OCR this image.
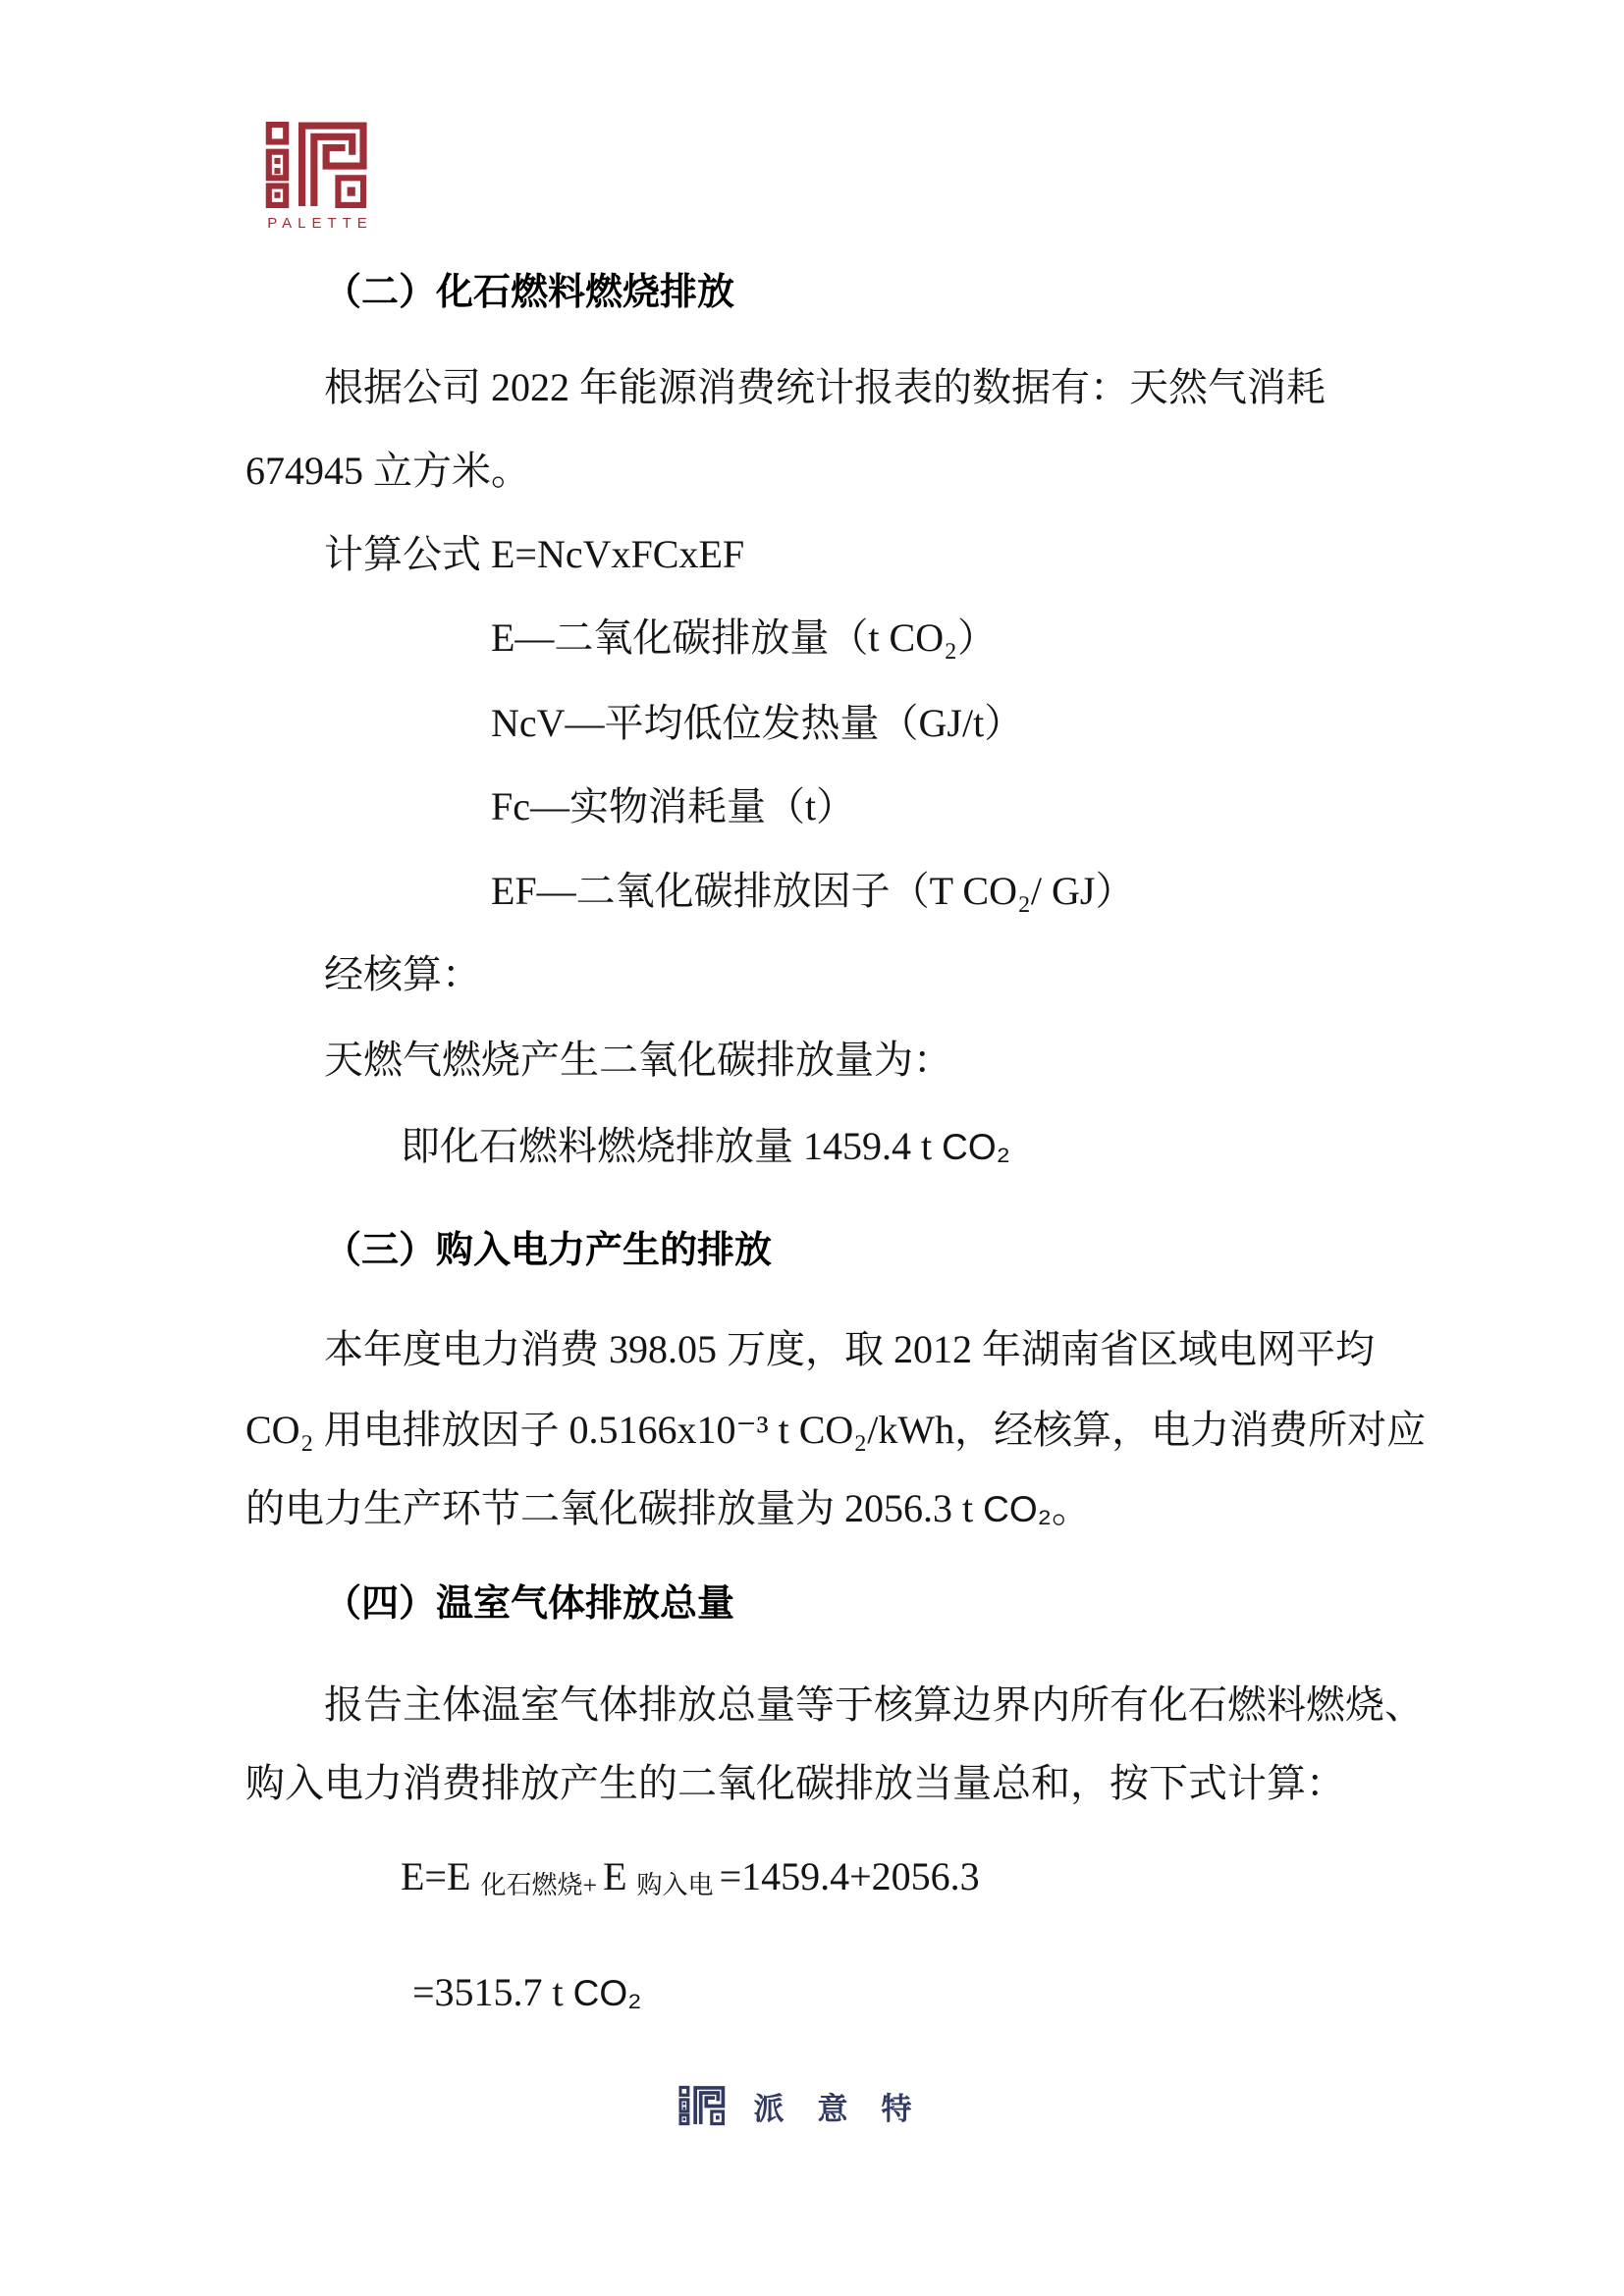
PALETTE
（二）化石燃料燃烧排放
根据公司 2022 年能源消费统计报表的数据有：天然气消耗
674945 立方米。
计算公式 E=NcVxFCxEF
E—二氧化碳排放量（t CO₂）
NcV—平均低位发热量（GJ/t）
Fc—实物消耗量（t）
EF—二氧化碳排放因子（T CO₂/ GJ）
经核算：
天燃气燃烧产生二氧化碳排放量为：
即化石燃料燃烧排放量 1459.4 t CO₂
（三）购入电力产生的排放
本年度电力消费 398.05 万度，取 2012 年湖南省区域电网平均
CO₂ 用电排放因子 0.5166x10⁻³ t CO₂/kWh，经核算，电力消费所对应
的电力生产环节二氧化碳排放量为 2056.3 t CO₂。
（四）温室气体排放总量
报告主体温室气体排放总量等于核算边界内所有化石燃料燃烧、
购入电力消费排放产生的二氧化碳排放当量总和，按下式计算：
E=E 化石燃烧+ E 购入电 =1459.4+2056.3
=3515.7 t CO₂
派意特
